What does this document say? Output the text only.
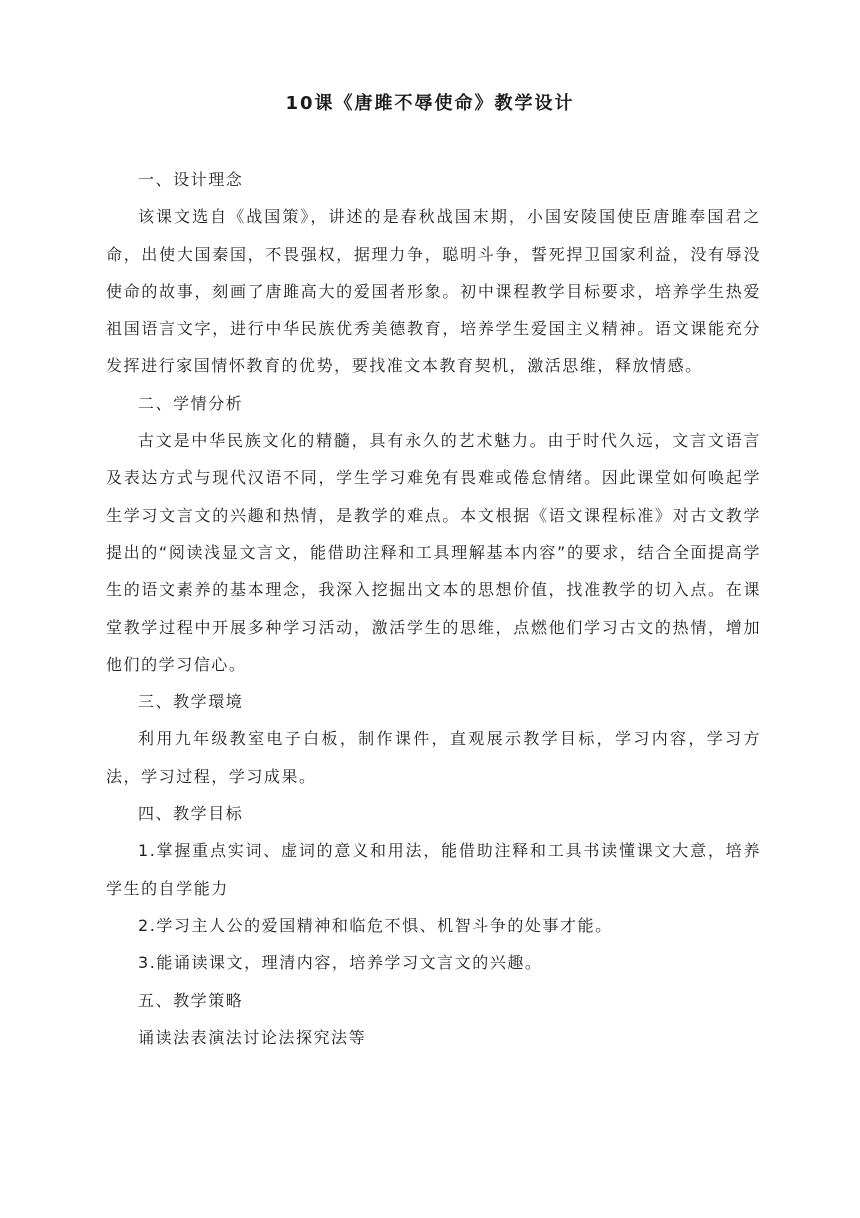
10课《唐雎不辱使命》教学设计

一、设计理念

该课文选自《战国策》，讲述的是春秋战国末期，小国安陵国使臣唐雎奉国君之命，出使大国秦国，不畏强权，据理力争，聪明斗争，誓死捍卫国家利益，没有辱没使命的故事，刻画了唐雎高大的爱国者形象。初中课程教学目标要求，培养学生热爱祖国语言文字，进行中华民族优秀美德教育，培养学生爱国主义精神。语文课能充分发挥进行家国情怀教育的优势，要找准文本教育契机，激活思维，释放情感。

二、学情分析

古文是中华民族文化的精髓，具有永久的艺术魅力。由于时代久远，文言文语言及表达方式与现代汉语不同，学生学习难免有畏难或倦怠情绪。因此课堂如何唤起学生学习文言文的兴趣和热情，是教学的难点。本文根据《语文课程标准》对古文教学提出的“阅读浅显文言文，能借助注释和工具理解基本内容”的要求，结合全面提高学生的语文素养的基本理念，我深入挖掘出文本的思想价值，找准教学的切入点。在课堂教学过程中开展多种学习活动，激活学生的思维，点燃他们学习古文的热情，增加他们的学习信心。

三、教学環境

利用九年级教室电子白板，制作课件，直观展示教学目标，学习内容，学习方法，学习过程，学习成果。

四、教学目标

1.掌握重点实词、虚词的意义和用法，能借助注释和工具书读懂课文大意，培养学生的自学能力

2.学习主人公的爱国精神和临危不惧、机智斗争的处事才能。

3.能诵读课文，理清内容，培养学习文言文的兴趣。

五、教学策略

诵读法表演法讨论法探究法等
